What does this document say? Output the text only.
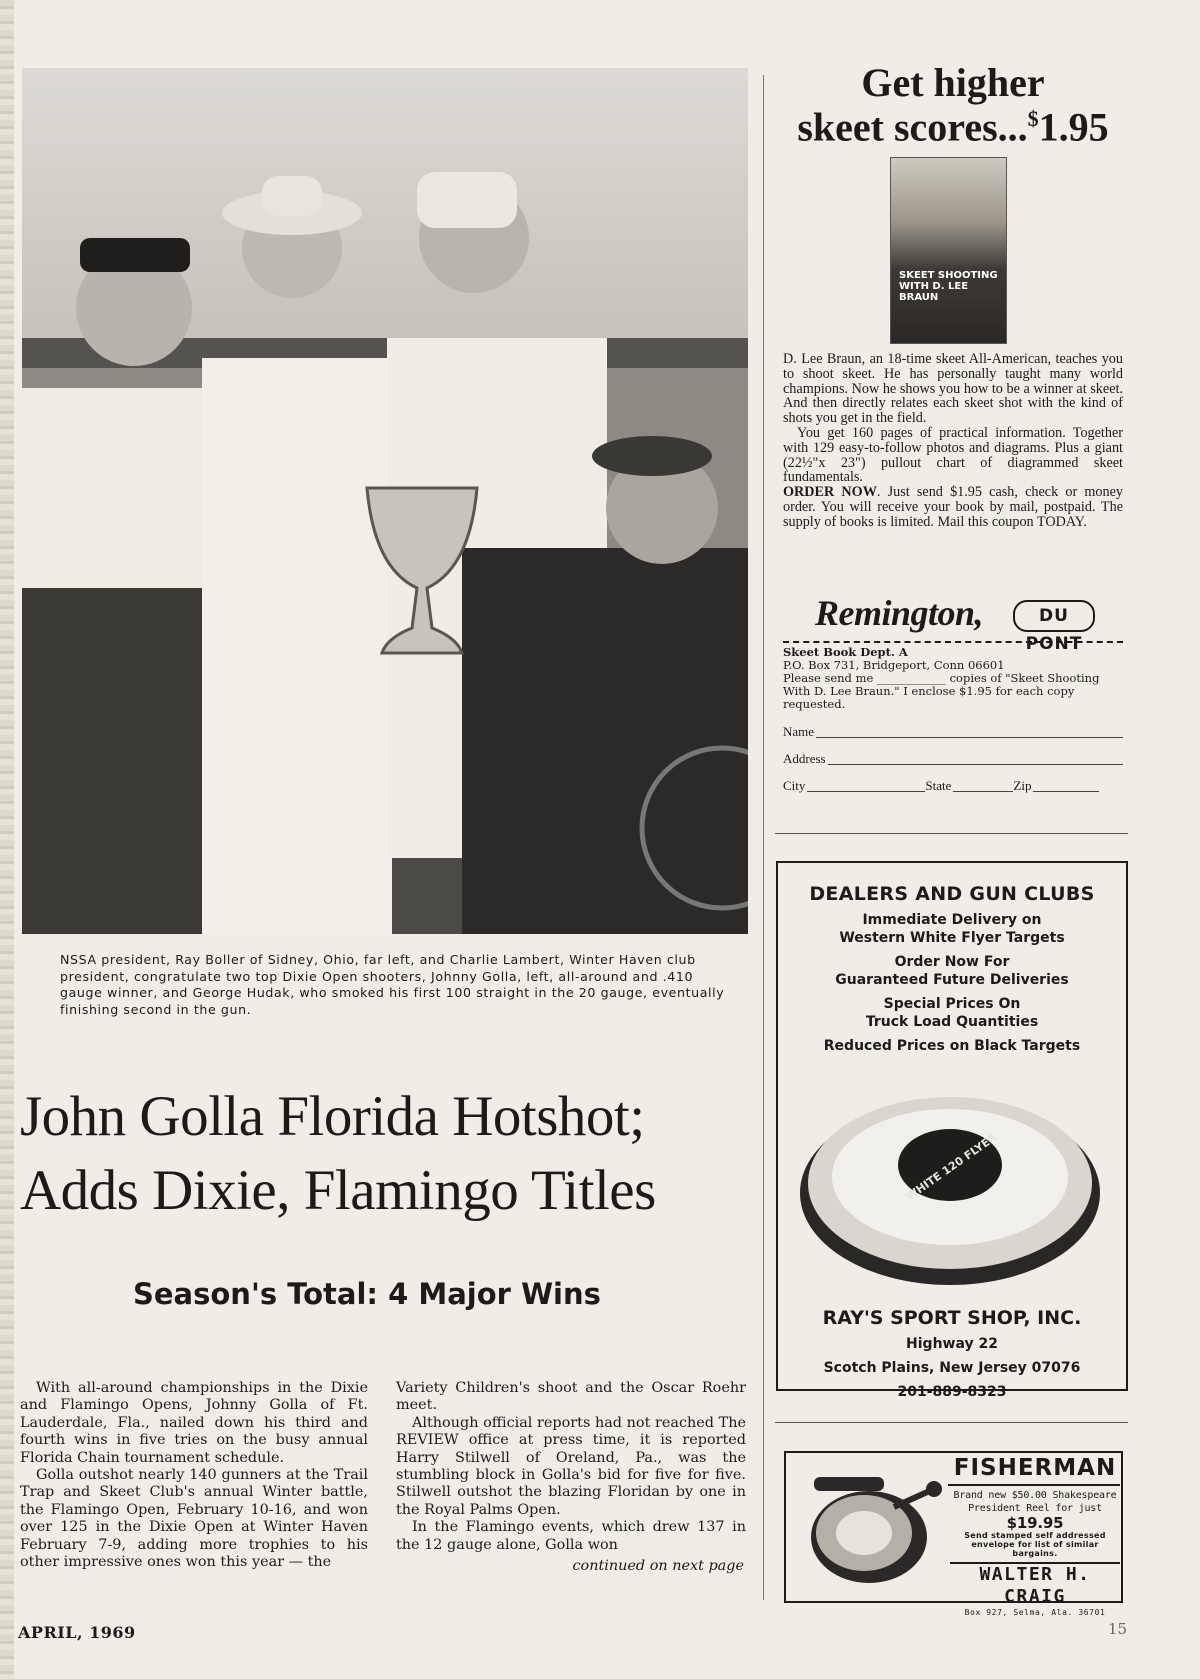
NSSA president, Ray Boller of Sidney, Ohio, far left, and Charlie Lambert, Winter Haven club president, congratulate two top Dixie Open shooters, Johnny Golla, left, all-around and .410 gauge winner, and George Hudak, who smoked his first 100 straight in the 20 gauge, eventually finishing second in the gun.

John Golla Florida Hotshot;
Adds Dixie, Flamingo Titles
Season's Total: 4 Major Wins

With all-around championships in the Dixie and Flamingo Opens, Johnny Golla of Ft. Lauderdale, Fla., nailed down his third and fourth wins in five tries on the busy annual Florida Chain tournament schedule.

Golla outshot nearly 140 gunners at the Trail Trap and Skeet Club's annual Winter battle, the Flamingo Open, February 10-16, and won over 125 in the Dixie Open at Winter Haven February 7-9, adding more trophies to his other impressive ones won this year — the

Variety Children's shoot and the Oscar Roehr meet.

Although official reports had not reached The REVIEW office at press time, it is reported Harry Stilwell of Oreland, Pa., was the stumbling block in Golla's bid for five for five. Stilwell outshot the blazing Floridan by one in the Royal Palms Open.

In the Flamingo events, which drew 137 in the 12 gauge alone, Golla won

continued on next page
APRIL, 1969	15
Get higher
skeet scores...$1.95
SKEET SHOOTING WITH D. LEE BRAUN

D. Lee Braun, an 18-time skeet All-American, teaches you to shoot skeet. He has personally taught many world champions. Now he shows you how to be a winner at skeet. And then directly relates each skeet shot with the kind of shots you get in the field.

You get 160 pages of practical information. Together with 129 easy-to-follow photos and diagrams. Plus a giant (22½"x 23") pullout chart of diagrammed skeet fundamentals.

ORDER NOW. Just send $1.95 cash, check or money order. You will receive your book by mail, postpaid. The supply of books is limited. Mail this coupon TODAY.

Remington,	DU PONT
Skeet Book Dept. A
P.O. Box 731, Bridgeport, Conn 06601
Please send me ____________ copies of "Skeet Shooting With D. Lee Braun." I enclose $1.95 for each copy requested.
Name
Address
City	State	Zip
DEALERS AND GUN CLUBS
Immediate Delivery on
Western White Flyer Targets
Order Now For
Guaranteed Future Deliveries
Special Prices On
Truck Load Quantities
Reduced Prices on Black Targets
WHITE 120 FLYER
RAY'S SPORT SHOP, INC.
Highway 22
Scotch Plains, New Jersey 07076
201-889-8323
FISHERMAN
Brand new $50.00 Shakespeare
President Reel for just
$19.95
Send stamped self addressed envelope for list of similar bargains.
WALTER H. CRAIG
Box 927, Selma, Ala. 36701
